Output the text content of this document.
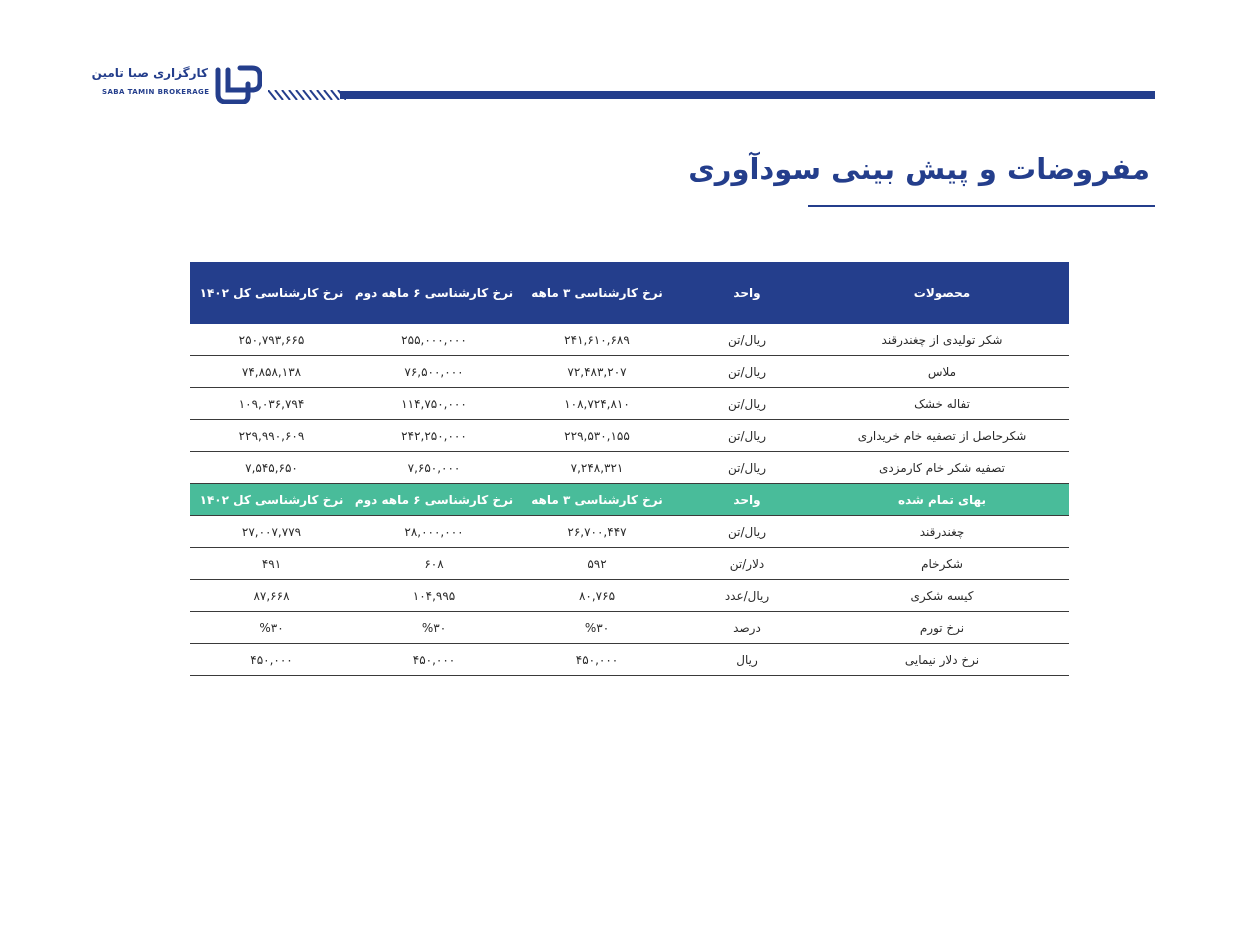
کارگزاری صبا تامین
SABA TAMIN BROKERAGE
مفروضات و پیش بینی سودآوری
محصولات
واحد
نرخ کارشناسی ۳ ماهه
نرخ کارشناسی ۶ ماهه دوم
نرخ کارشناسی کل ۱۴۰۲
شکر تولیدی از چغندرقند
ریال/تن
۲۴۱,۶۱۰,۶۸۹
۲۵۵,۰۰۰,۰۰۰
۲۵۰,۷۹۳,۶۶۵
ملاس
ریال/تن
۷۲,۴۸۳,۲۰۷
۷۶,۵۰۰,۰۰۰
۷۴,۸۵۸,۱۳۸
تفاله خشک
ریال/تن
۱۰۸,۷۲۴,۸۱۰
۱۱۴,۷۵۰,۰۰۰
۱۰۹,۰۳۶,۷۹۴
شکرحاصل از تصفیه خام خریداری
ریال/تن
۲۲۹,۵۳۰,۱۵۵
۲۴۲,۲۵۰,۰۰۰
۲۲۹,۹۹۰,۶۰۹
تصفیه شکر خام کارمزدی
ریال/تن
۷,۲۴۸,۳۲۱
۷,۶۵۰,۰۰۰
۷,۵۴۵,۶۵۰
بهای تمام شده
واحد
نرخ کارشناسی ۳ ماهه
نرخ کارشناسی ۶ ماهه دوم
نرخ کارشناسی کل ۱۴۰۲
چغندرقند
ریال/تن
۲۶,۷۰۰,۴۴۷
۲۸,۰۰۰,۰۰۰
۲۷,۰۰۷,۷۷۹
شکرخام
دلار/تن
۵۹۲
۶۰۸
۴۹۱
کیسه شکری
ریال/عدد
۸۰,۷۶۵
۱۰۴,۹۹۵
۸۷,۶۶۸
نرخ تورم
درصد
%۳۰
%۳۰
%۳۰
نرخ دلار نیمایی
ریال
۴۵۰,۰۰۰
۴۵۰,۰۰۰
۴۵۰,۰۰۰
